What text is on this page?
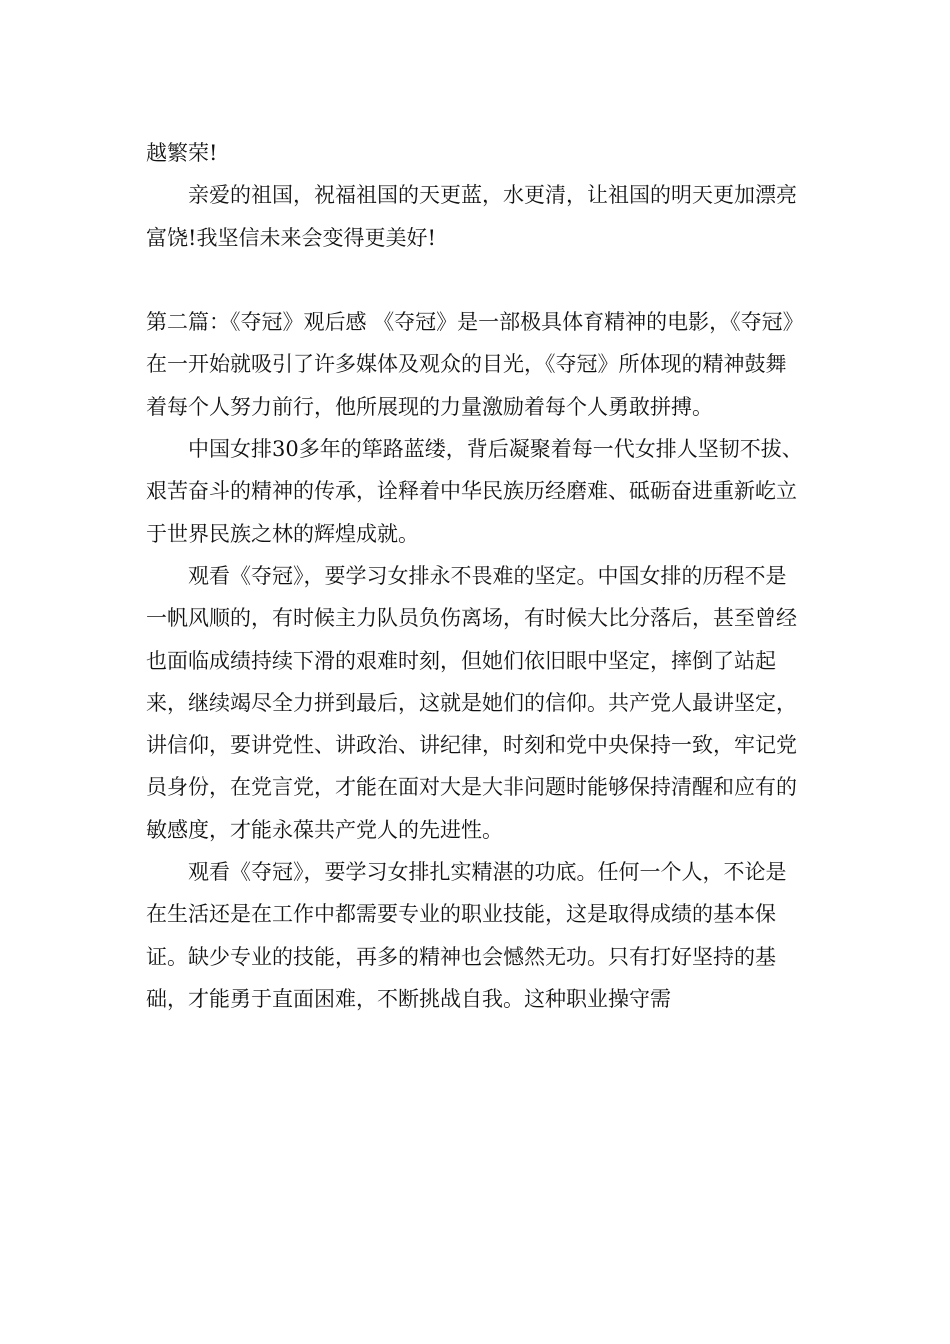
越繁荣!

亲爱的祖国，祝福祖国的天更蓝，水更清，让祖国的明天更加漂亮富饶!我坚信未来会变得更美好!

第二篇：《夺冠》观后感 《夺冠》是一部极具体育精神的电影，《夺冠》在一开始就吸引了许多媒体及观众的目光，《夺冠》所体现的精神鼓舞着每个人努力前行，他所展现的力量激励着每个人勇敢拼搏。

中国女排30多年的筚路蓝缕，背后凝聚着每一代女排人坚韧不拔、艰苦奋斗的精神的传承，诠释着中华民族历经磨难、砥砺奋进重新屹立于世界民族之林的辉煌成就。

观看《夺冠》，要学习女排永不畏难的坚定。中国女排的历程不是一帆风顺的，有时候主力队员负伤离场，有时候大比分落后，甚至曾经也面临成绩持续下滑的艰难时刻，但她们依旧眼中坚定，摔倒了站起来，继续竭尽全力拼到最后，这就是她们的信仰。共产党人最讲坚定，讲信仰，要讲党性、讲政治、讲纪律，时刻和党中央保持一致，牢记党员身份，在党言党，才能在面对大是大非问题时能够保持清醒和应有的敏感度，才能永葆共产党人的先进性。

观看《夺冠》，要学习女排扎实精湛的功底。任何一个人，不论是在生活还是在工作中都需要专业的职业技能，这是取得成绩的基本保证。缺少专业的技能，再多的精神也会憾然无功。只有打好坚持的基础，才能勇于直面困难，不断挑战自我。这种职业操守需
